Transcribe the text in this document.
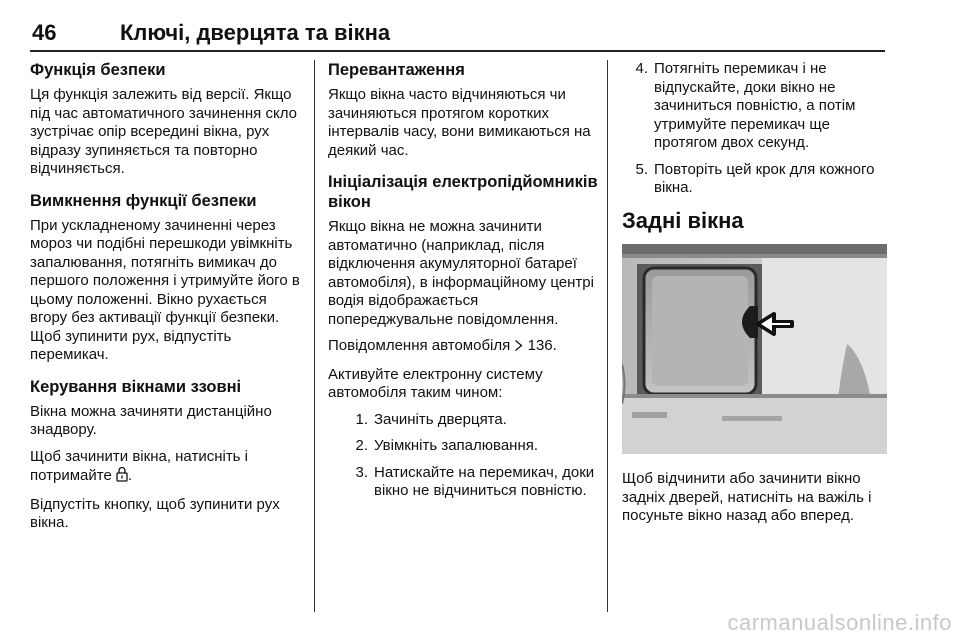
46	Ключі, дверцята та вікна
Функція безпеки
Ця функція залежить від версії. Якщо під час автоматичного зачинення скло зустрічає опір всередині вікна, рух відразу зупиняється та повторно відчиняється.
Вимкнення функції безпеки
При ускладненому зачиненні через мороз чи подібні перешкоди увімкніть запалювання, потягніть вимикач до першого положення і утримуйте його в цьому положенні. Вікно рухається вгору без активації функції безпеки. Щоб зупинити рух, відпустіть перемикач.
Керування вікнами ззовні
Вікна можна зачиняти дистанційно знадвору.
Щоб зачинити вікна, натисніть і потримайте .
Відпустіть кнопку, щоб зупинити рух вікна.
Перевантаження
Якщо вікна часто відчиняються чи зачиняються протягом коротких інтервалів часу, вони вимикаються на деякий час.
Ініціалізація електропідйомників вікон
Якщо вікна не можна зачинити автоматично (наприклад, після відключення акумуляторної батареї автомобіля), в інформаційному центрі водія відображається попереджувальне повідомлення.
Повідомлення автомобіля 136.
Активуйте електронну систему автомобіля таким чином:
1. Зачиніть дверцята.
2. Увімкніть запалювання.
3. Натискайте на перемикач, доки вікно не відчиниться повністю.
4. Потягніть перемикач і не відпускайте, доки вікно не зачиниться повністю, а потім утримуйте перемикач ще протягом двох секунд.
5. Повторіть цей крок для кожного вікна.
Задні вікна
Щоб відчинити або зачинити вікно задніх дверей, натисніть на важіль і посуньте вікно назад або вперед.
carmanualsonline.info
